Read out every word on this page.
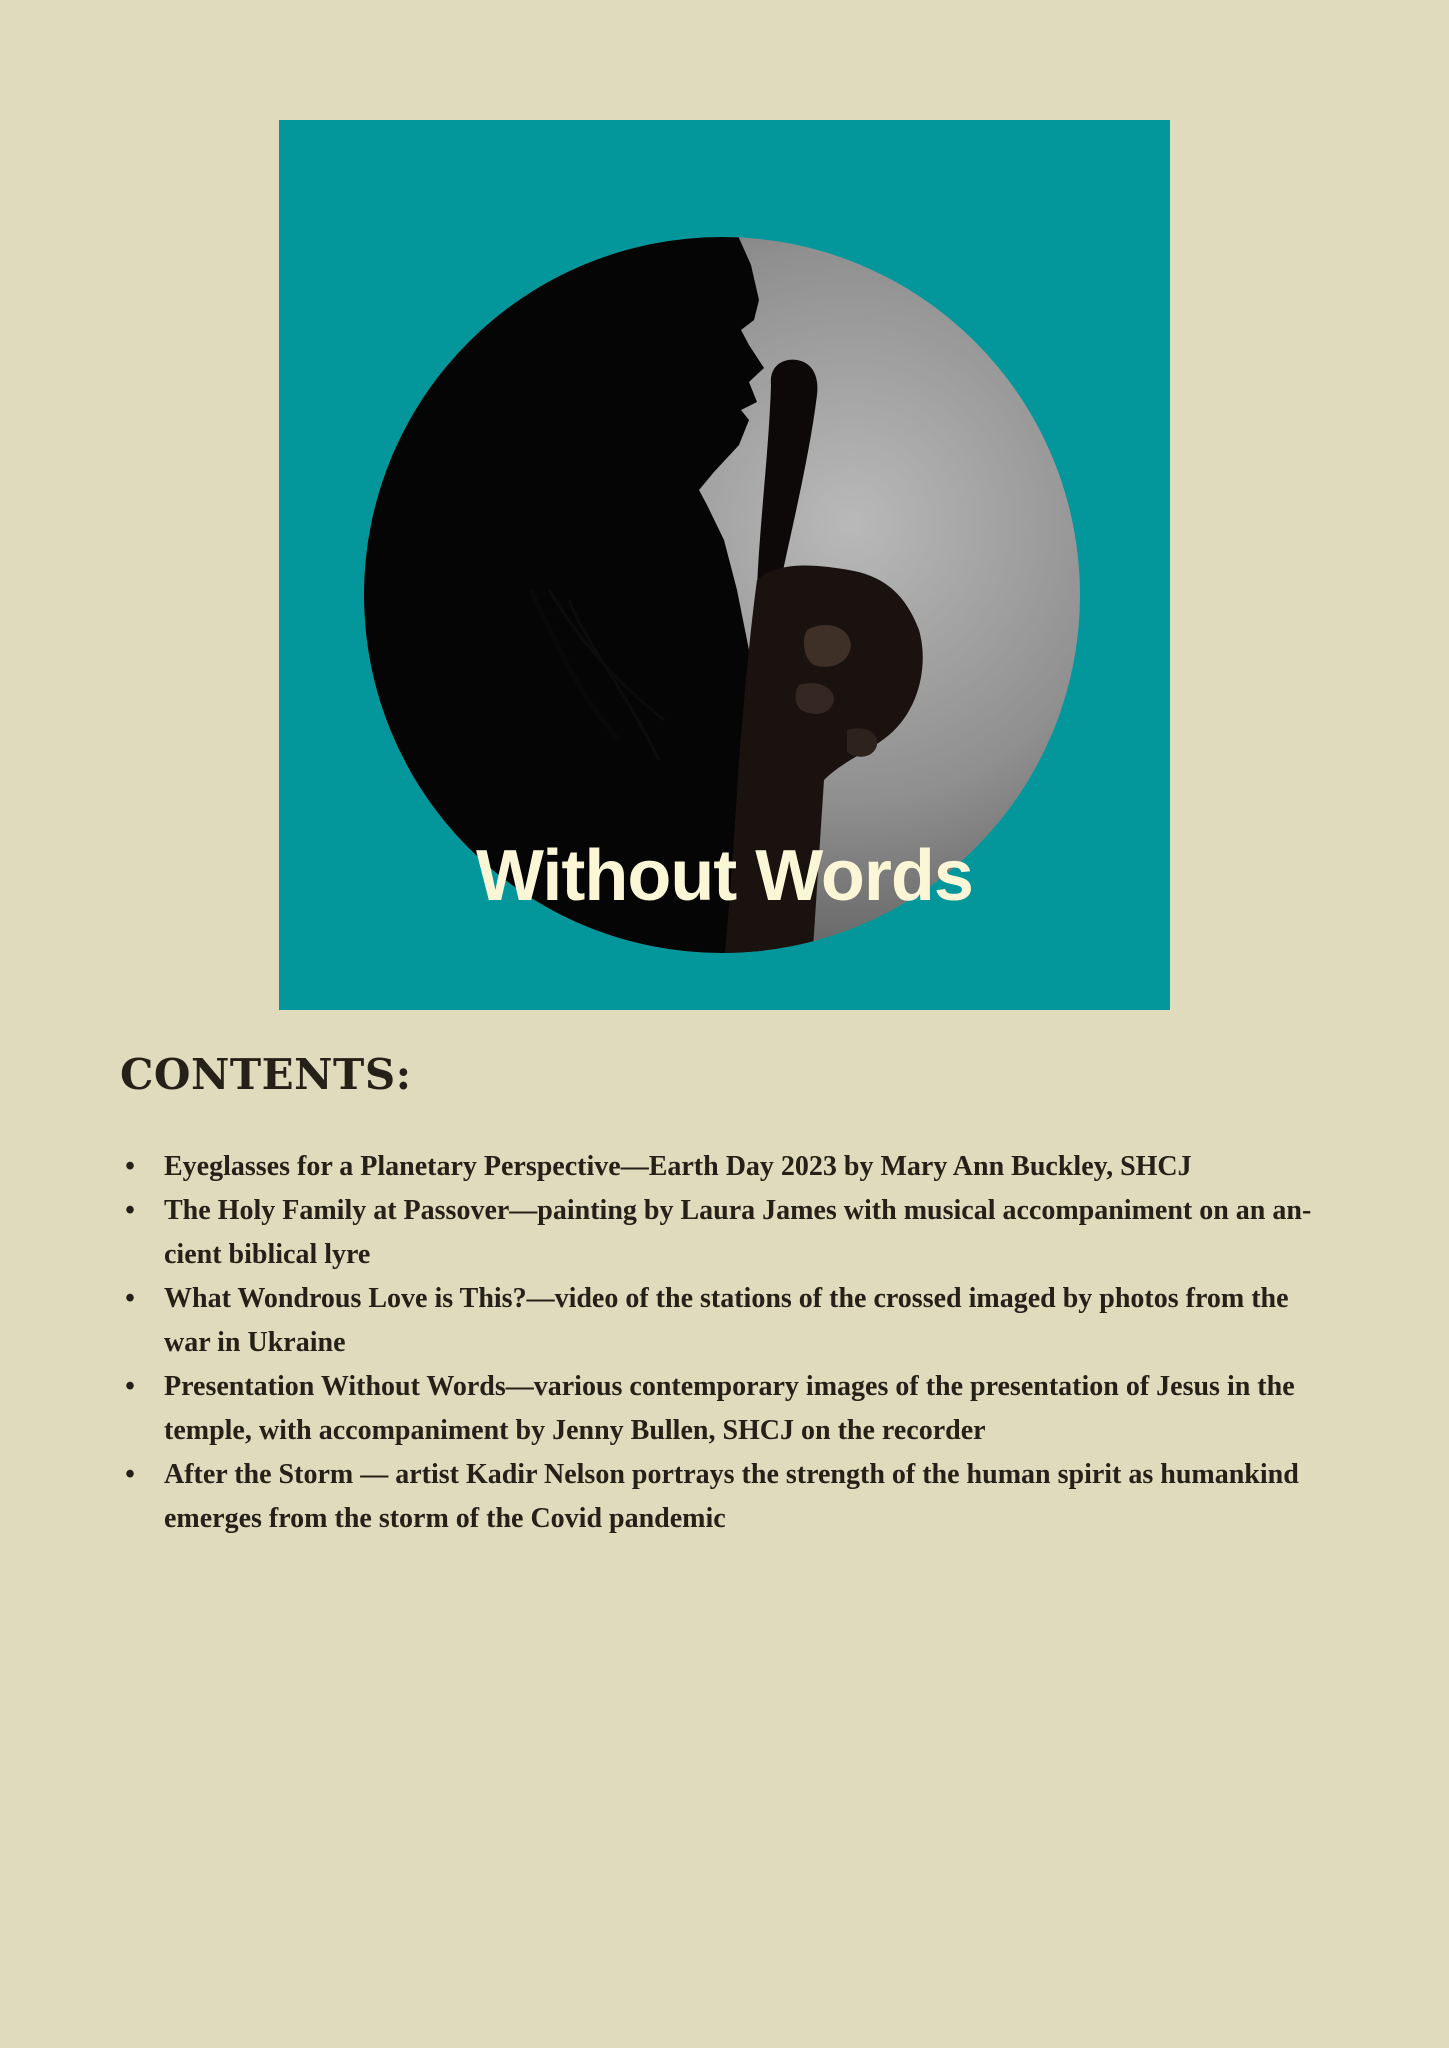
Without Words
CONTENTS:
• Eyeglasses for a Planetary Perspective—Earth Day 2023 by Mary Ann Buckley, SHCJ
• The Holy Family at Passover—painting by Laura James with musical accompaniment on an an-
cient biblical lyre
• What Wondrous Love is This?—video of the stations of the crossed imaged by photos from the
war in Ukraine
• Presentation Without Words—various contemporary images of the presentation of Jesus in the
temple, with accompaniment by Jenny Bullen, SHCJ on the recorder
• After the Storm — artist Kadir Nelson portrays the strength of the human spirit as humankind
emerges from the storm of the Covid pandemic
